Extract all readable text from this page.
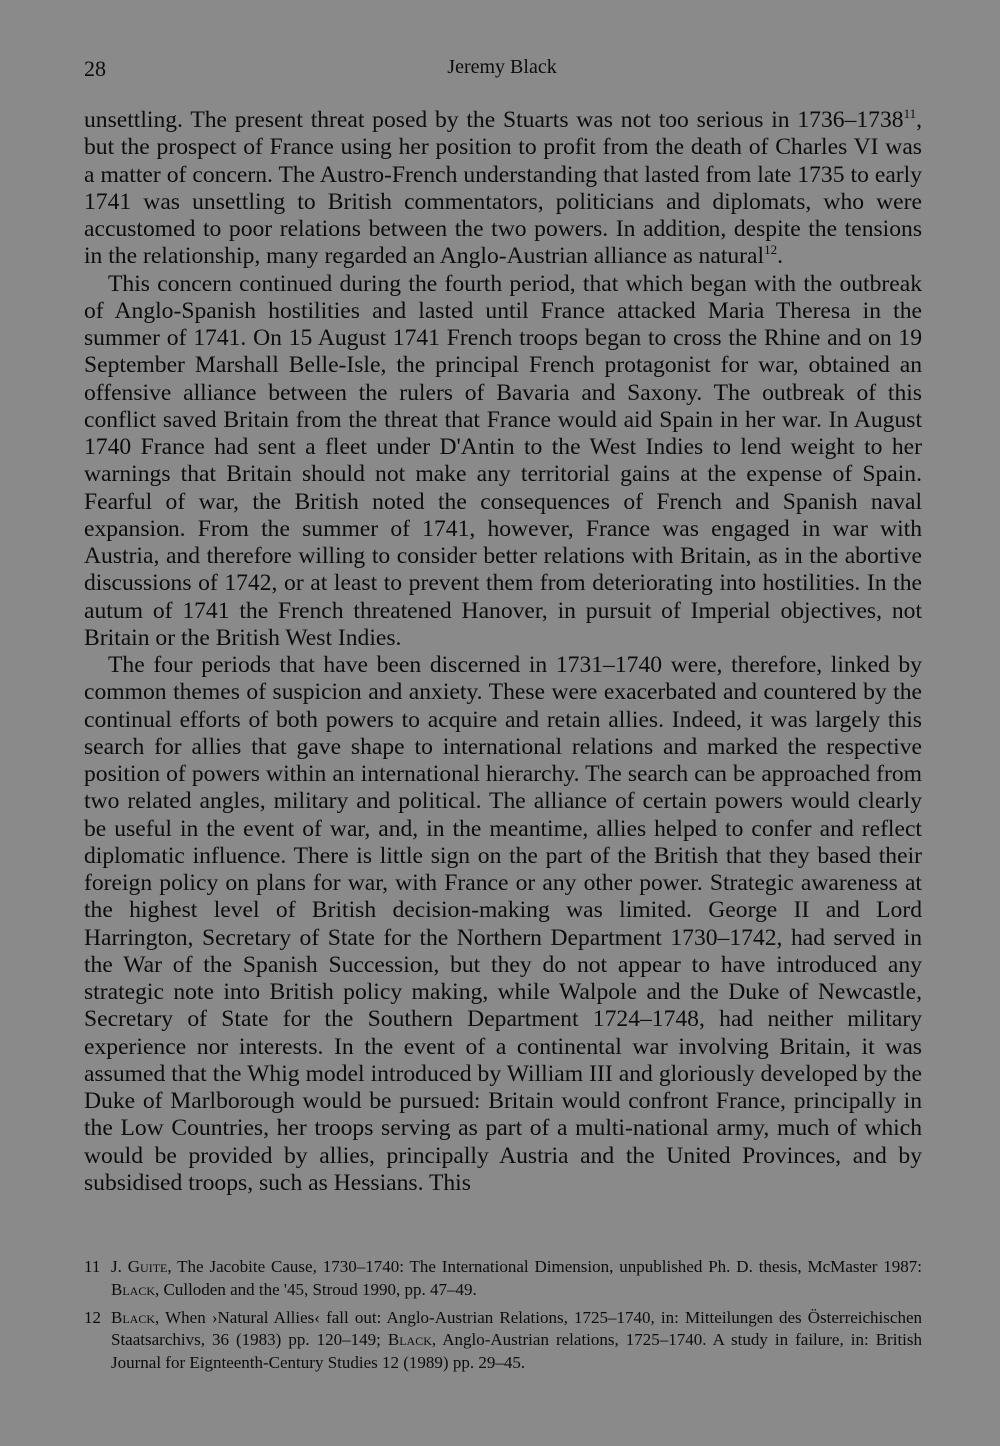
28	Jeremy Black

unsettling. The present threat posed by the Stuarts was not too serious in 1736–1738$^{11}$, but the prospect of France using her position to profit from the death of Charles VI was a matter of concern. The Austro-French understanding that lasted from late 1735 to early 1741 was unsettling to British commentators, politicians and diplomats, who were accustomed to poor relations between the two powers. In addition, despite the tensions in the relationship, many regarded an Anglo-Austrian alliance as natural$^{12}$.

This concern continued during the fourth period, that which began with the outbreak of Anglo-Spanish hostilities and lasted until France attacked Maria Theresa in the summer of 1741. On 15 August 1741 French troops began to cross the Rhine and on 19 September Marshall Belle-Isle, the principal French protagonist for war, obtained an offensive alliance between the rulers of Bavaria and Saxony. The outbreak of this conflict saved Britain from the threat that France would aid Spain in her war. In August 1740 France had sent a fleet under D'Antin to the West Indies to lend weight to her warnings that Britain should not make any territorial gains at the expense of Spain. Fearful of war, the British noted the consequences of French and Spanish naval expansion. From the summer of 1741, however, France was engaged in war with Austria, and therefore willing to consider better relations with Britain, as in the abortive discussions of 1742, or at least to prevent them from deteriorating into hostilities. In the autum of 1741 the French threatened Hanover, in pursuit of Imperial objectives, not Britain or the British West Indies.

The four periods that have been discerned in 1731–1740 were, therefore, linked by common themes of suspicion and anxiety. These were exacerbated and countered by the continual efforts of both powers to acquire and retain allies. Indeed, it was largely this search for allies that gave shape to international relations and marked the respective position of powers within an international hierarchy. The search can be approached from two related angles, military and political. The alliance of certain powers would clearly be useful in the event of war, and, in the meantime, allies helped to confer and reflect diplomatic influence. There is little sign on the part of the British that they based their foreign policy on plans for war, with France or any other power. Strategic awareness at the highest level of British decision-making was limited. George II and Lord Harrington, Secretary of State for the Northern Department 1730–1742, had served in the War of the Spanish Succession, but they do not appear to have introduced any strategic note into British policy making, while Walpole and the Duke of Newcastle, Secretary of State for the Southern Department 1724–1748, had neither military experience nor interests. In the event of a continental war involving Britain, it was assumed that the Whig model introduced by William III and gloriously developed by the Duke of Marlborough would be pursued: Britain would confront France, principally in the Low Countries, her troops serving as part of a multi-national army, much of which would be provided by allies, principally Austria and the United Provinces, and by subsidised troops, such as Hessians. This

11 J. Guite, The Jacobite Cause, 1730–1740: The International Dimension, unpublished Ph. D. thesis, McMaster 1987: Black, Culloden and the '45, Stroud 1990, pp. 47–49.
12 Black, When ›Natural Allies‹ fall out: Anglo-Austrian Relations, 1725–1740, in: Mitteilungen des Österreichischen Staatsarchivs, 36 (1983) pp. 120–149; Black, Anglo-Austrian relations, 1725–1740. A study in failure, in: British Journal for Eignteenth-Century Studies 12 (1989) pp. 29–45.
